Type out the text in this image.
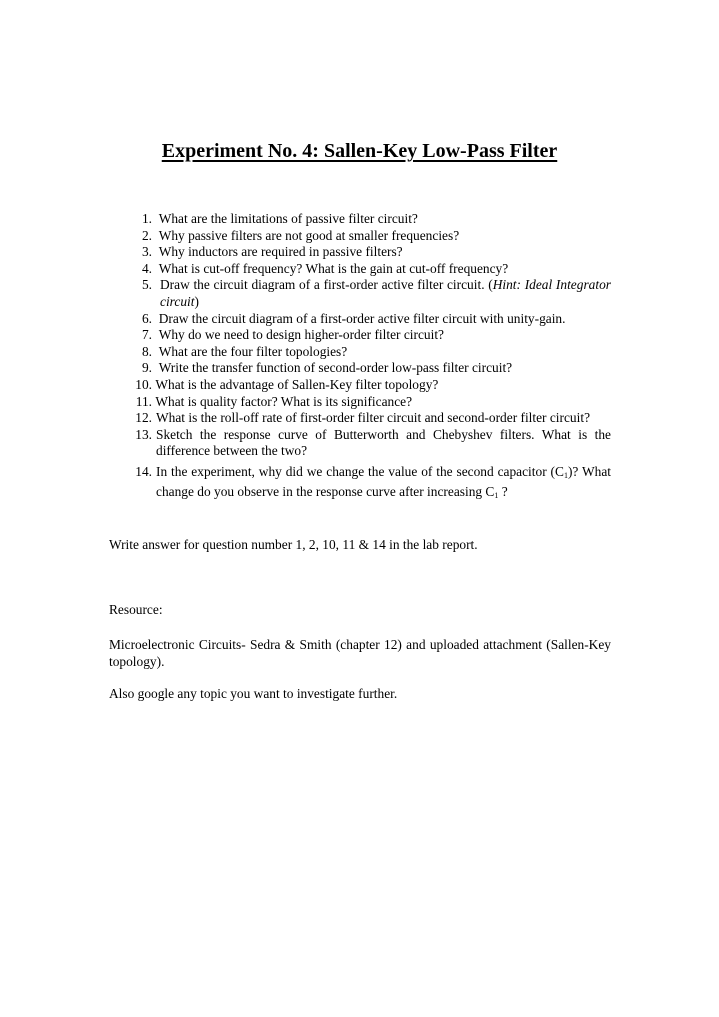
Experiment No. 4: Sallen-Key Low-Pass Filter
1. What are the limitations of passive filter circuit?
2. Why passive filters are not good at smaller frequencies?
3. Why inductors are required in passive filters?
4. What is cut-off frequency? What is the gain at cut-off frequency?
5. Draw the circuit diagram of a first-order active filter circuit. (Hint: Ideal Integrator circuit)
6. Draw the circuit diagram of a first-order active filter circuit with unity-gain.
7. Why do we need to design higher-order filter circuit?
8. What are the four filter topologies?
9. Write the transfer function of second-order low-pass filter circuit?
10. What is the advantage of Sallen-Key filter topology?
11. What is quality factor? What is its significance?
12. What is the roll-off rate of first-order filter circuit and second-order filter circuit?
13. Sketch the response curve of Butterworth and Chebyshev filters. What is the difference between the two?
14. In the experiment, why did we change the value of the second capacitor $(C_1)$? What change do you observe in the response curve after increasing $C_1$ ?

Write answer for question number 1, 2, 10, 11 & 14 in the lab report.

Resource:

Microelectronic Circuits- Sedra & Smith (chapter 12) and uploaded attachment (Sallen-Key topology).

Also google any topic you want to investigate further.
